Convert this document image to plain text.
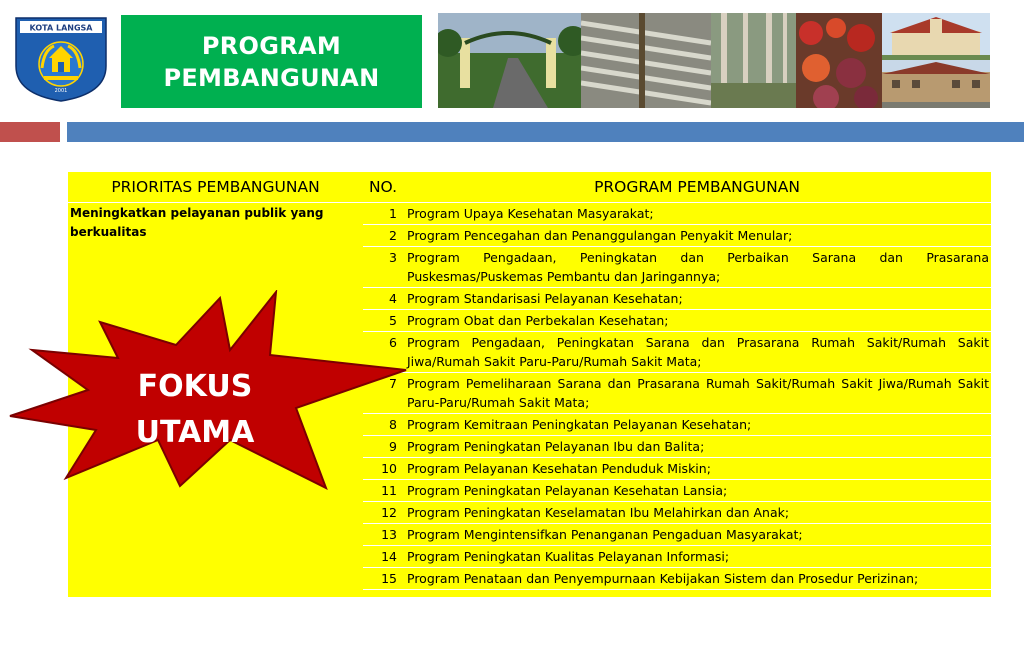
KOTA LANGSA
2001
PROGRAM
PEMBANGUNAN
PRIORITAS PEMBANGUNAN	NO.	PROGRAM PEMBANGUNAN
Meningkatkan pelayanan publik yang berkualitas	1	Program Upaya Kesehatan Masyarakat;
	2	Program Pencegahan dan Penanggulangan Penyakit Menular;
	3	Program Pengadaan, Peningkatan dan Perbaikan Sarana dan Prasarana Puskesmas/Puskemas Pembantu dan Jaringannya;
	4	Program Standarisasi Pelayanan Kesehatan;
	5	Program Obat dan Perbekalan Kesehatan;
	6	Program Pengadaan, Peningkatan Sarana dan Prasarana Rumah Sakit/Rumah Sakit Jiwa/Rumah Sakit Paru-Paru/Rumah Sakit Mata;
	7	Program Pemeliharaan Sarana dan Prasarana Rumah Sakit/Rumah Sakit Jiwa/Rumah Sakit Paru-Paru/Rumah Sakit Mata;
	8	Program Kemitraan Peningkatan Pelayanan Kesehatan;
	9	Program Peningkatan Pelayanan Ibu dan Balita;
	10	Program Pelayanan Kesehatan Penduduk Miskin;
	11	Program Peningkatan Pelayanan Kesehatan Lansia;
	12	Program Peningkatan Keselamatan Ibu Melahirkan dan Anak;
	13	Program Mengintensifkan Penanganan Pengaduan Masyarakat;
	14	Program Peningkatan Kualitas Pelayanan Informasi;
	15	Program Penataan dan Penyempurnaan Kebijakan Sistem dan Prosedur Perizinan;
FOKUS
UTAMA
